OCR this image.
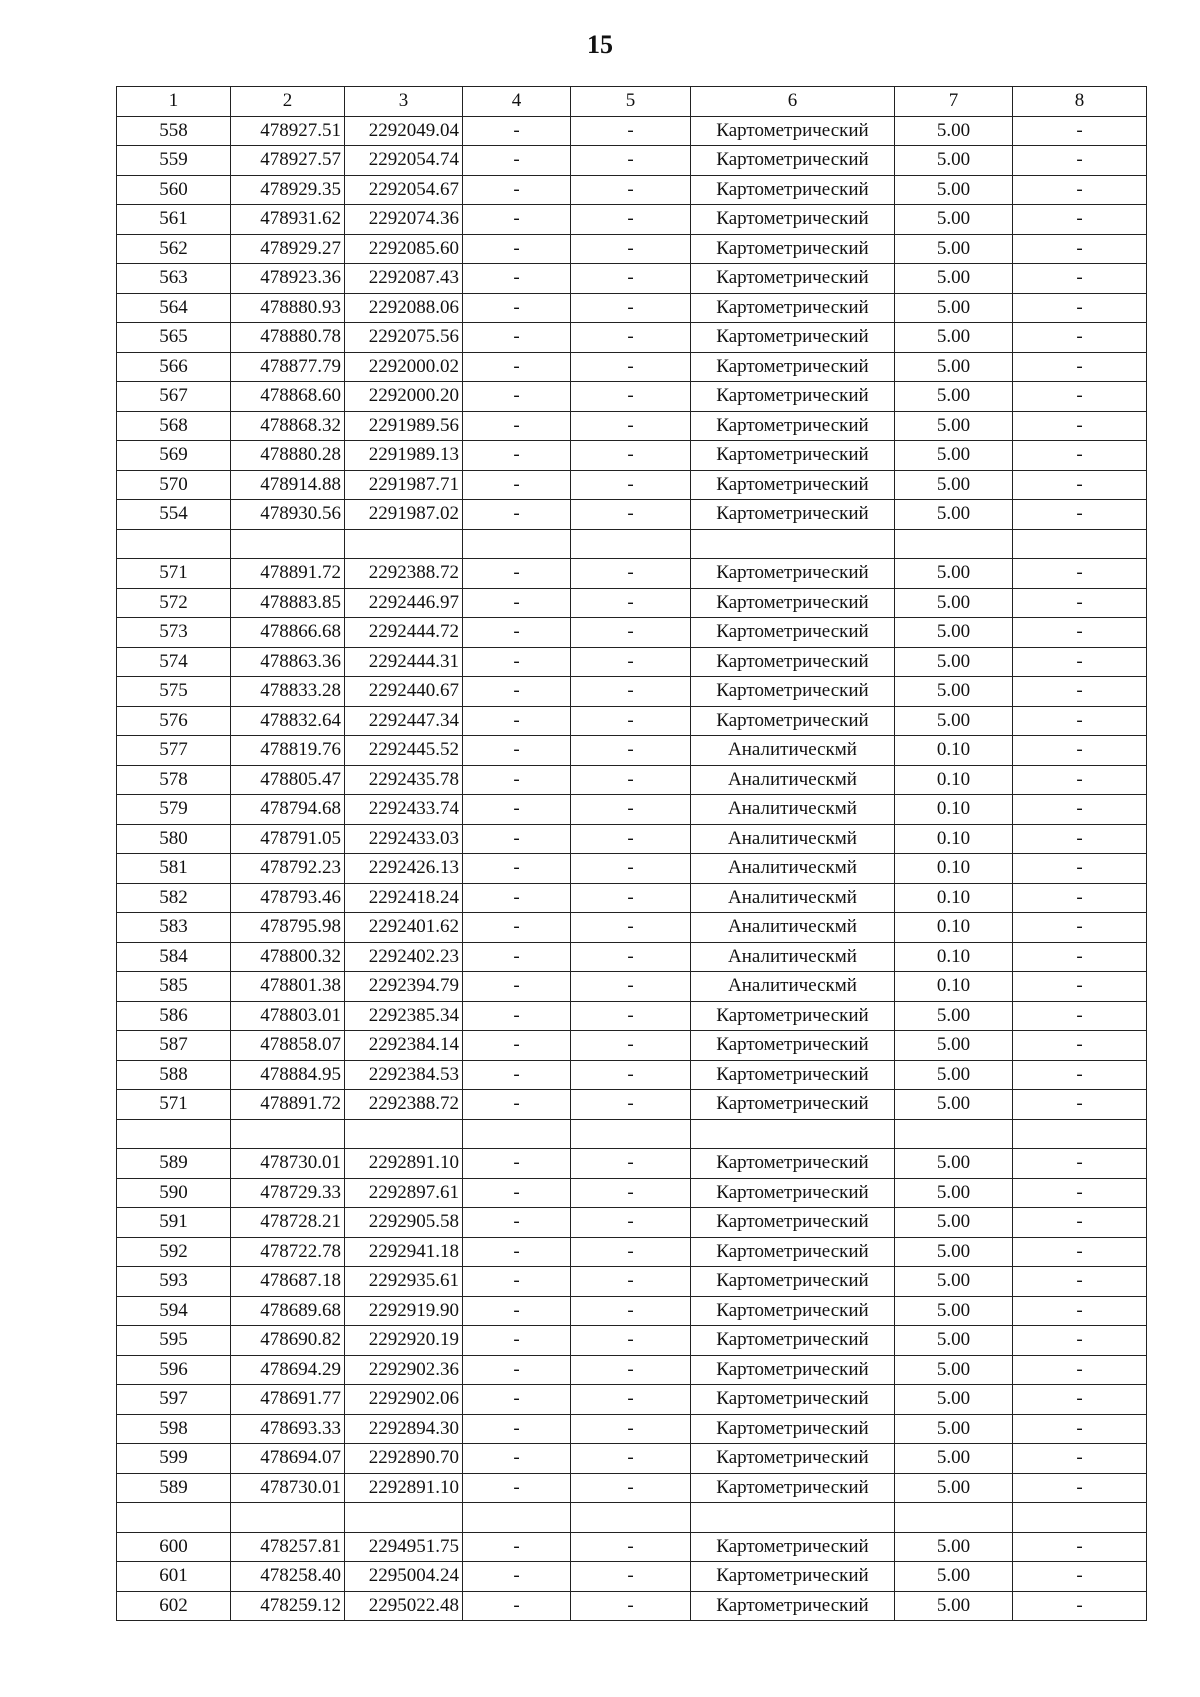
15
1	2	3	4	5	6	7	8
558	478927.51	2292049.04	-	-	Картометрический	5.00	-
559	478927.57	2292054.74	-	-	Картометрический	5.00	-
560	478929.35	2292054.67	-	-	Картометрический	5.00	-
561	478931.62	2292074.36	-	-	Картометрический	5.00	-
562	478929.27	2292085.60	-	-	Картометрический	5.00	-
563	478923.36	2292087.43	-	-	Картометрический	5.00	-
564	478880.93	2292088.06	-	-	Картометрический	5.00	-
565	478880.78	2292075.56	-	-	Картометрический	5.00	-
566	478877.79	2292000.02	-	-	Картометрический	5.00	-
567	478868.60	2292000.20	-	-	Картометрический	5.00	-
568	478868.32	2291989.56	-	-	Картометрический	5.00	-
569	478880.28	2291989.13	-	-	Картометрический	5.00	-
570	478914.88	2291987.71	-	-	Картометрический	5.00	-
554	478930.56	2291987.02	-	-	Картометрический	5.00	-

571	478891.72	2292388.72	-	-	Картометрический	5.00	-
572	478883.85	2292446.97	-	-	Картометрический	5.00	-
573	478866.68	2292444.72	-	-	Картометрический	5.00	-
574	478863.36	2292444.31	-	-	Картометрический	5.00	-
575	478833.28	2292440.67	-	-	Картометрический	5.00	-
576	478832.64	2292447.34	-	-	Картометрический	5.00	-
577	478819.76	2292445.52	-	-	Аналитическмй	0.10	-
578	478805.47	2292435.78	-	-	Аналитическмй	0.10	-
579	478794.68	2292433.74	-	-	Аналитическмй	0.10	-
580	478791.05	2292433.03	-	-	Аналитическмй	0.10	-
581	478792.23	2292426.13	-	-	Аналитическмй	0.10	-
582	478793.46	2292418.24	-	-	Аналитическмй	0.10	-
583	478795.98	2292401.62	-	-	Аналитическмй	0.10	-
584	478800.32	2292402.23	-	-	Аналитическмй	0.10	-
585	478801.38	2292394.79	-	-	Аналитическмй	0.10	-
586	478803.01	2292385.34	-	-	Картометрический	5.00	-
587	478858.07	2292384.14	-	-	Картометрический	5.00	-
588	478884.95	2292384.53	-	-	Картометрический	5.00	-
571	478891.72	2292388.72	-	-	Картометрический	5.00	-

589	478730.01	2292891.10	-	-	Картометрический	5.00	-
590	478729.33	2292897.61	-	-	Картометрический	5.00	-
591	478728.21	2292905.58	-	-	Картометрический	5.00	-
592	478722.78	2292941.18	-	-	Картометрический	5.00	-
593	478687.18	2292935.61	-	-	Картометрический	5.00	-
594	478689.68	2292919.90	-	-	Картометрический	5.00	-
595	478690.82	2292920.19	-	-	Картометрический	5.00	-
596	478694.29	2292902.36	-	-	Картометрический	5.00	-
597	478691.77	2292902.06	-	-	Картометрический	5.00	-
598	478693.33	2292894.30	-	-	Картометрический	5.00	-
599	478694.07	2292890.70	-	-	Картометрический	5.00	-
589	478730.01	2292891.10	-	-	Картометрический	5.00	-

600	478257.81	2294951.75	-	-	Картометрический	5.00	-
601	478258.40	2295004.24	-	-	Картометрический	5.00	-
602	478259.12	2295022.48	-	-	Картометрический	5.00	-
